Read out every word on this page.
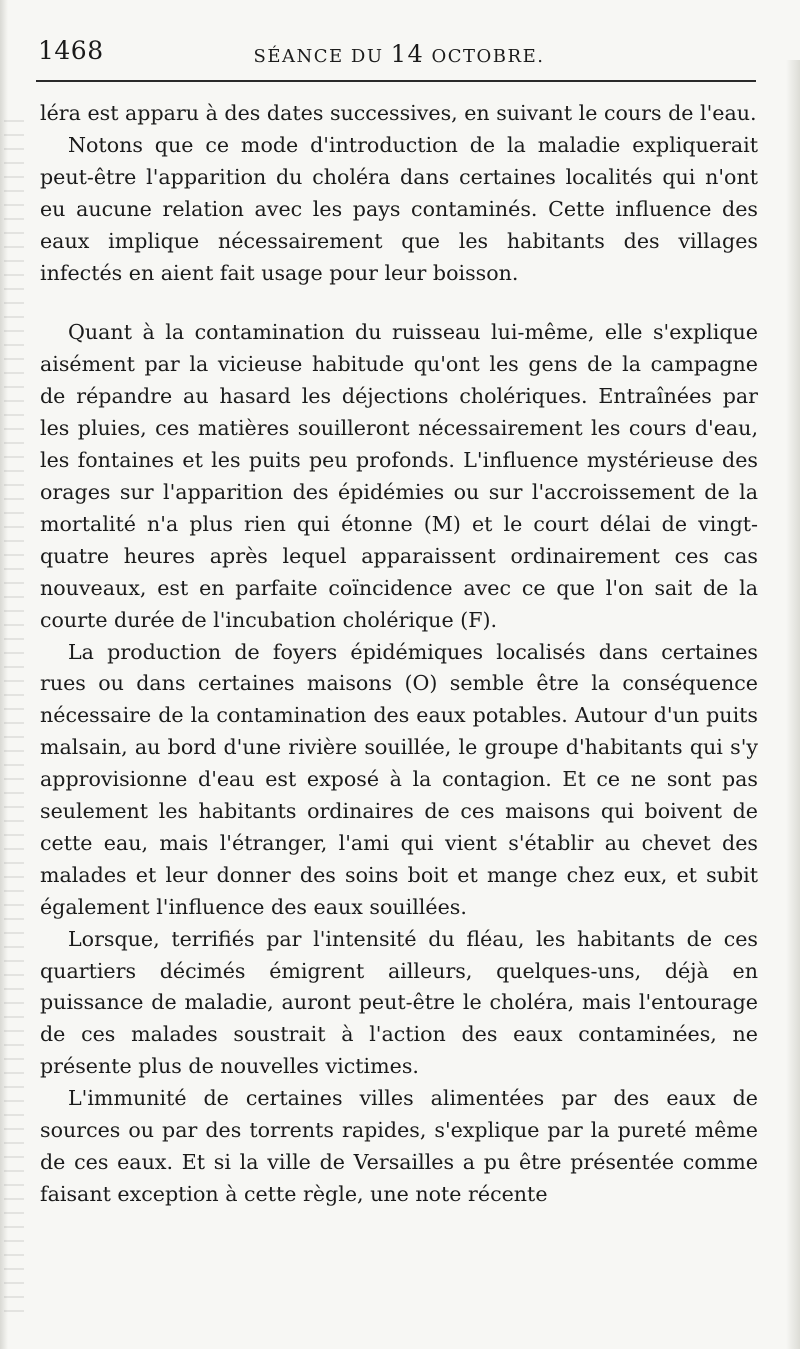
1468	SÉANCE DU 14 OCTOBRE.

léra est apparu à des dates successives, en suivant le cours de l'eau.

Notons que ce mode d'introduction de la maladie expliquerait peut-être l'apparition du choléra dans certaines localités qui n'ont eu aucune relation avec les pays contaminés. Cette influence des eaux implique nécessairement que les habitants des villages infectés en aient fait usage pour leur boisson.

Quant à la contamination du ruisseau lui-même, elle s'explique aisément par la vicieuse habitude qu'ont les gens de la campagne de répandre au hasard les déjections cholériques. Entraînées par les pluies, ces matières souilleront nécessairement les cours d'eau, les fontaines et les puits peu profonds. L'influence mystérieuse des orages sur l'apparition des épidémies ou sur l'accroissement de la mortalité n'a plus rien qui étonne (M) et le court délai de vingt-quatre heures après lequel apparaissent ordinairement ces cas nouveaux, est en parfaite coïncidence avec ce que l'on sait de la courte durée de l'incubation cholérique (F).

La production de foyers épidémiques localisés dans certaines rues ou dans certaines maisons (O) semble être la conséquence nécessaire de la contamination des eaux potables. Autour d'un puits malsain, au bord d'une rivière souillée, le groupe d'habitants qui s'y approvisionne d'eau est exposé à la contagion. Et ce ne sont pas seulement les habitants ordinaires de ces maisons qui boivent de cette eau, mais l'étranger, l'ami qui vient s'établir au chevet des malades et leur donner des soins boit et mange chez eux, et subit également l'influence des eaux souillées.

Lorsque, terrifiés par l'intensité du fléau, les habitants de ces quartiers décimés émigrent ailleurs, quelques-uns, déjà en puissance de maladie, auront peut-être le choléra, mais l'entourage de ces malades soustrait à l'action des eaux contaminées, ne présente plus de nouvelles victimes.

L'immunité de certaines villes alimentées par des eaux de sources ou par des torrents rapides, s'explique par la pureté même de ces eaux. Et si la ville de Versailles a pu être présentée comme faisant exception à cette règle, une note récente
